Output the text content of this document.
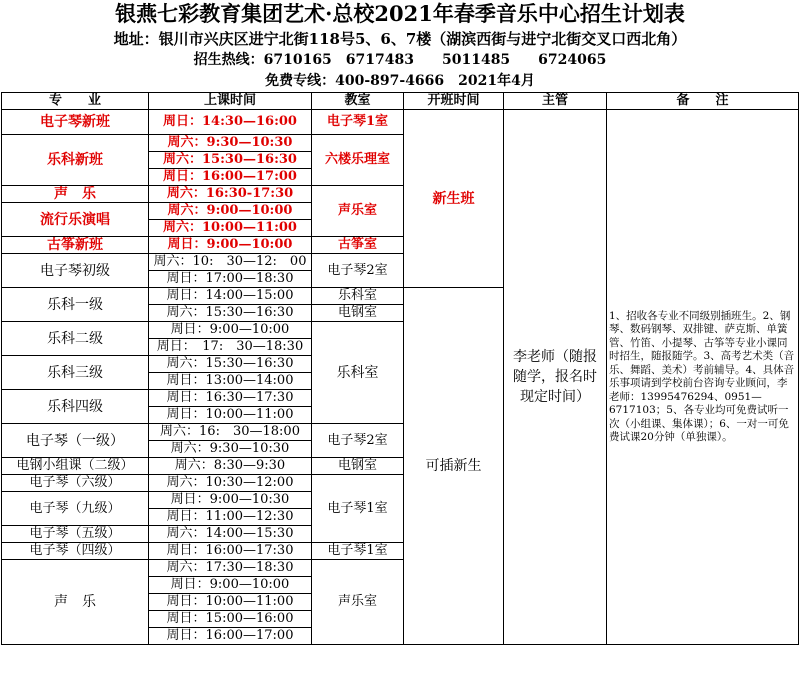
银燕七彩教育集团艺术·总校2021年春季音乐中心招生计划表
地址：银川市兴庆区进宁北街118号5、6、7楼（湖滨西街与进宁北街交叉口西北角）
招生热线：6710165　6717483　　5011485　　6724065
免费专线：400-897-4666　2021年4月
专　　业	上课时间	教室	开班时间	主管	备　　注
电子琴新班	周日：14:30—16:00	电子琴1室	新生班	李老师（随报随学，报名时现定时间）	1、招收各专业不同级别插班生。2、钢琴、数码钢琴、双排键、萨克斯、单簧管、竹笛、小提琴、古筝等专业小课同时招生，随报随学。3、高考艺术类（音乐、舞蹈、美术）考前辅导。4、具体音乐事项请到学校前台咨询专业顾问，李老师：13995476294、0951—6717103；5、各专业均可免费试听一次（小组课、集体课）；6、一对一可免费试课20分钟（单独课）。
乐科新班	周六：9:30—10:30	六楼乐理室			
	周六：15:30—16:30				
	周日：16:00—17:00				
声　乐	周六：16:30-17:30	声乐室			
流行乐演唱	周六：9:00—10:00				
	周六：10:00—11:00				
古筝新班	周日：9:00—10:00	古筝室			
电子琴初级	周六：10:　30—12:　00	电子琴2室			
	周日：17:00—18:30				
乐科一级	周日：14:00—15:00	乐科室	可插新生		
	周六：15:30—16:30	电钢室			
乐科二级	周日：9:00—10:00	乐科室			
	周日：　17:　30—18:30				
乐科三级	周六：15:30—16:30				
	周日：13:00—14:00				
乐科四级	周日：16:30—17:30				
	周日：10:00—11:00				
电子琴（一级）	周六：16:　30—18:00	电子琴2室			
	周六：9:30—10:30				
电钢小组课（二级）	周六：8:30—9:30	电钢室			
电子琴（六级）	周六：10:30—12:00	电子琴1室			
电子琴（九级）	周日：9:00—10:30				
	周日：11:00—12:30				
电子琴（五级）	周六：14:00—15:30				
电子琴（四级）	周日：16:00—17:30	电子琴1室			
声　乐	周六：17:30—18:30	声乐室			
	周日：9:00—10:00				
	周日：10:00—11:00				
	周日：15:00—16:00				
	周日：16:00—17:00				
